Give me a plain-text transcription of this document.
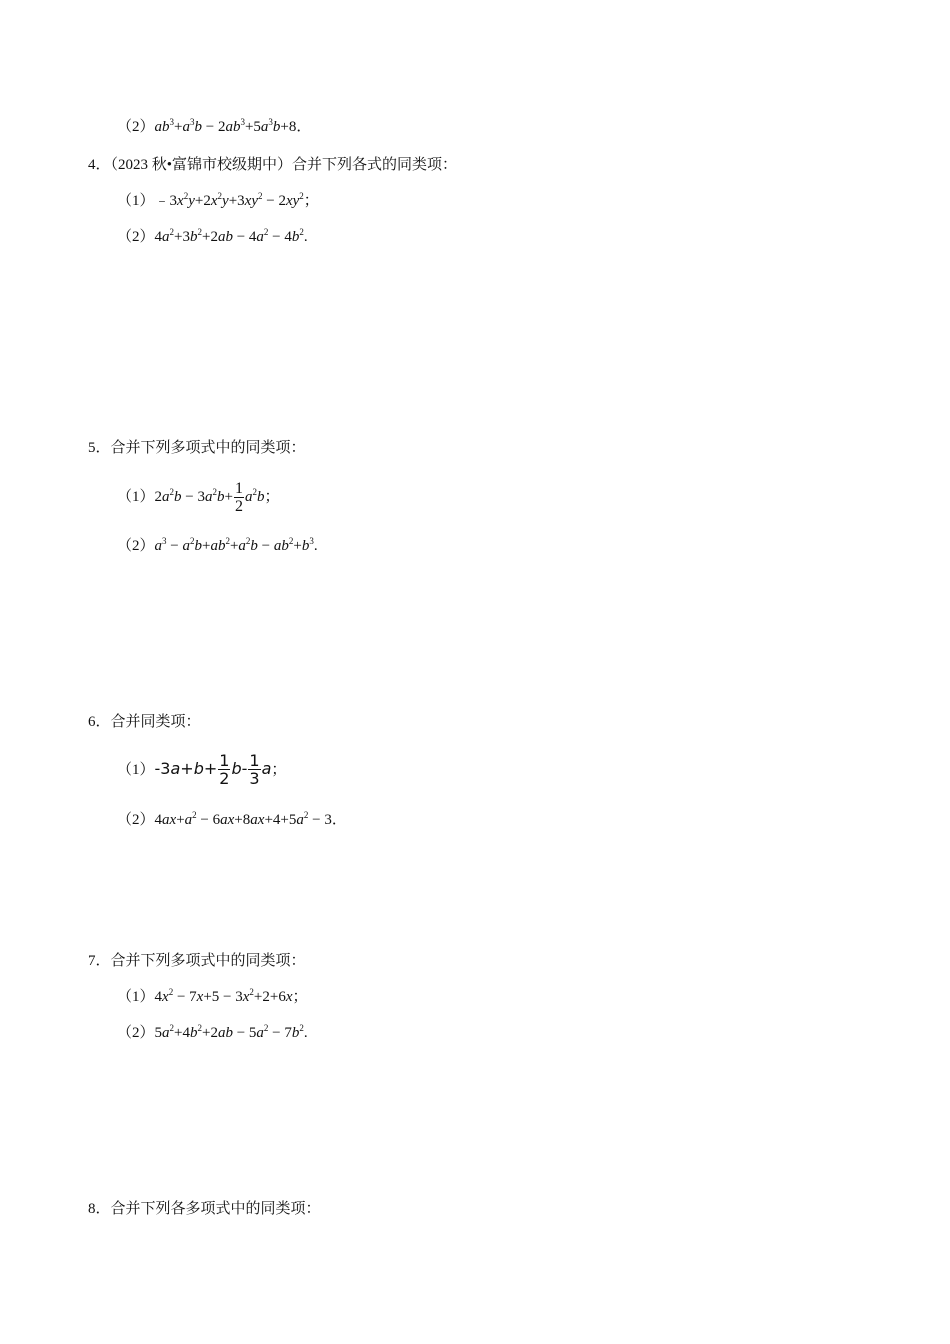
$(2)ab^3+a^3b - 2ab^3+5a^3b+8$．
4．（2023 秋•富锦市校级期中）合并下列各式的同类项：
$(1)﹣3x^2y+2x^2y+3xy^2 - 2xy^2$；
$(2)4a^2+3b^2+2ab - 4a^2 - 4b^2$.
5．合并下列多项式中的同类项：
$(1)2a^2b - 3a^2b+ \frac{1}{2} a^2b$；
$(2)a^3 - a^2b+ab^2+a^2b - ab^2+b^3$.
6．合并同类项：
$(1)-3a+b+ \frac{1}{2} b- \frac{1}{3}$ a；
$(2)4ax+a^2 - 6ax+8ax+4+5a^2 - 3$．
7．合并下列多项式中的同类项：
$(1)4x^2 - 7x+5 - 3x^2+2+6x$；
$(2)5a^2+4b^2+2ab - 5a^2 - 7b^2$.
8．合并下列各多项式中的同类项：
